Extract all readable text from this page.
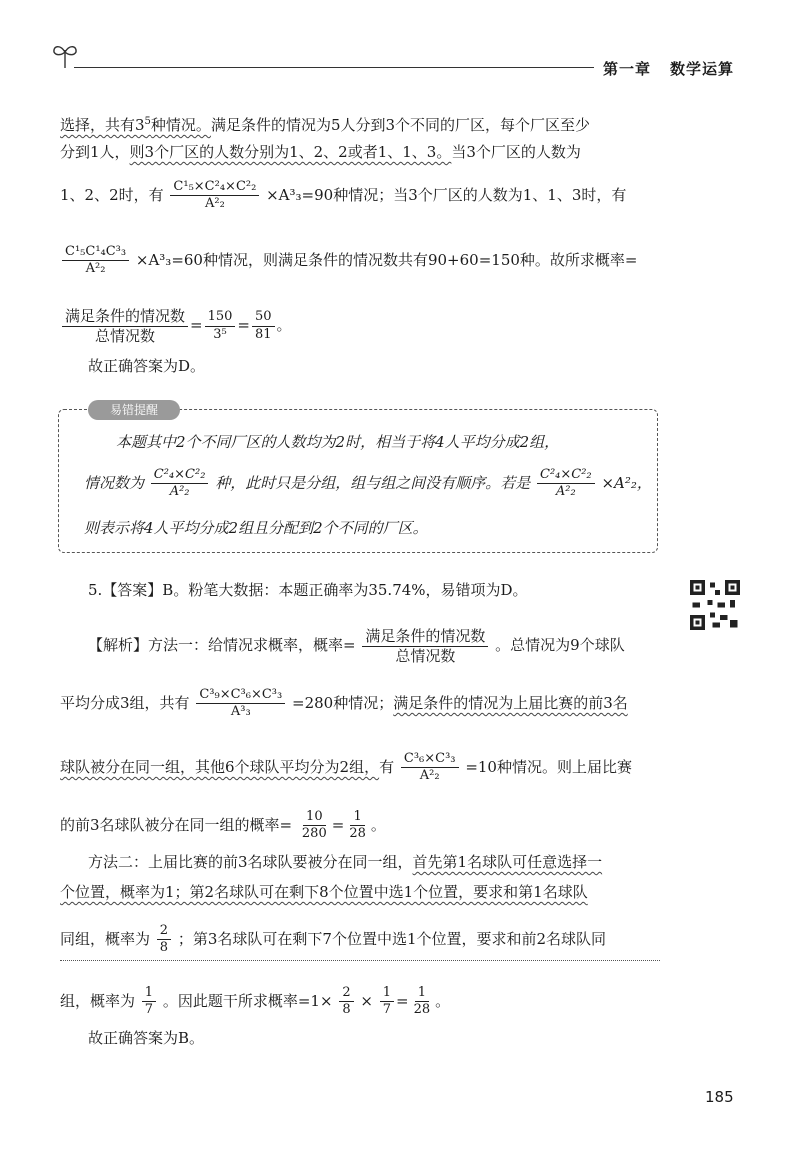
第一章 数学运算
选择，共有$3^5$种情况。满足条件的情况为5人分到3个不同的厂区，每个厂区至少
分到1人，则3个厂区的人数分别为1、2、2或者1、1、3。当3个厂区的人数为
1、2、2时，有 $\frac{\text{C¹₅×C²₄×C²₂}}{\text{A²₂}} \times A^3_3=90$种情况；当3个厂区的人数为1、1、3时，有
$\frac{\text{C¹₅C¹₄C³₃}}{\text{A²₂}} \times A^3_3=60$种情况，则满足条件的情况数共有90+60=150种。故所求概率=
$\frac{\text{满足条件的情况数}}{\text{总情况数}} = \frac{150}{\text{3⁵}} = \frac{50}{81}$ 。
故正确答案为D。
易错提醒
本题其中2个不同厂区的人数均为2时，相当于将4人平均分成2组，
情况数为 $\frac{\text{C²₄×C²₂}}{\text{A²₂}}$ 种，此时只是分组，组与组之间没有顺序。若是 $\frac{\text{C²₄×C²₂}}{\text{A²₂}} \times A^2_2$，
则表示将4人平均分成2组且分配到2个不同的厂区。
5.【答案】B。粉笔大数据：本题正确率为35.74%，易错项为D。
【解析】方法一：给情况求概率，概率= $\frac{\text{满足条件的情况数}}{\text{总情况数}}$ 。总情况为9个球队
平均分成3组，共有 $\frac{\text{C³₉×C³₆×C³₃}}{\text{A³₃}} =280$种情况；满足条件的情况为上届比赛的前3名
球队被分在同一组，其他6个球队平均分为2组，有 $\frac{\text{C³₆×C³₃}}{\text{A²₂}} =10$种情况。则上届比赛
的前3名球队被分在同一组的概率= $\frac{10}{280} = \frac{1}{28}$ 。
方法二：上届比赛的前3名球队要被分在同一组，首先第1名球队可任意选择一
个位置，概率为1；第2名球队可在剩下8个位置中选1个位置，要求和第1名球队
同组，概率为 $\frac{2}{8}$ ；第3名球队可在剩下7个位置中选1个位置，要求和前2名球队同
组，概率为 $\frac{1}{7}$ 。因此题干所求概率$=1\times \frac{2}{8} \times \frac{1}{7} = \frac{1}{28}$ 。
故正确答案为B。
185
